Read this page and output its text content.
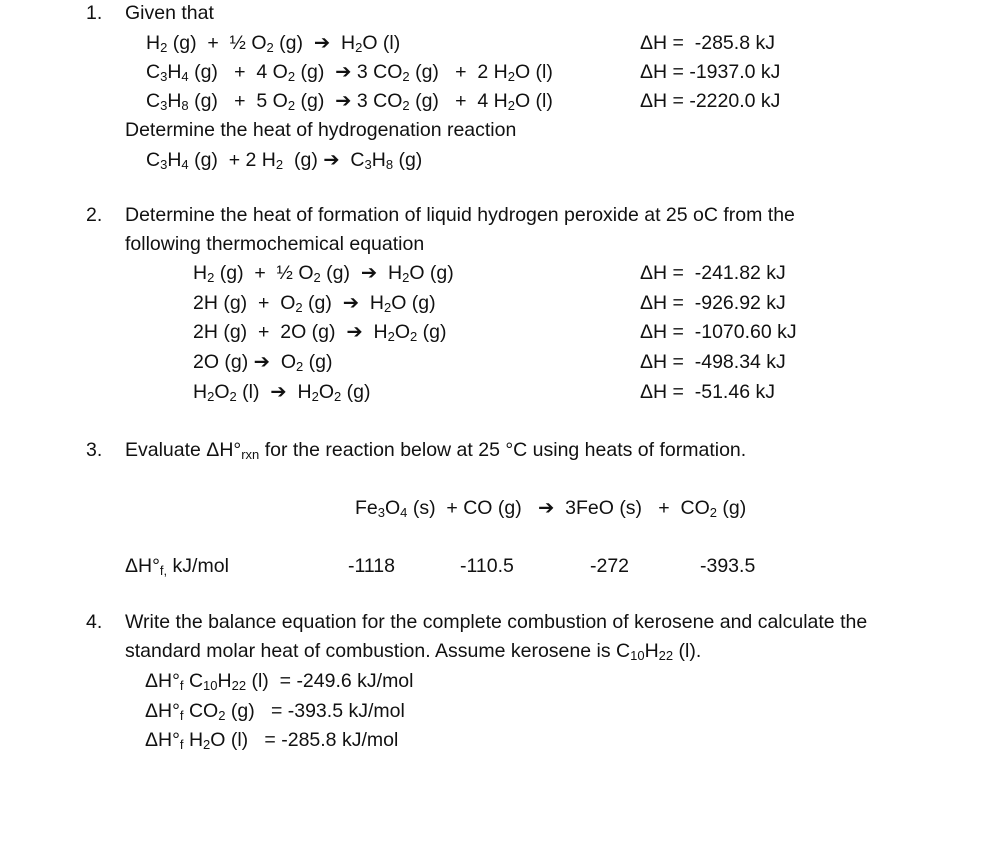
1. Given that
$H_2$ (g)  +  ½ $O_2$ (g)  ➔  $H_2O$ (l)	ΔH =  -285.8 kJ
$C_3H_4$ (g)   +  4 $O_2$ (g)  ➔ 3 $CO_2$ (g)   +  2 $H_2O$ (l)	ΔH = -1937.0 kJ
$C_3H_8$ (g)   +  5 $O_2$ (g)  ➔ 3 $CO_2$ (g)   +  4 $H_2O$ (l)	ΔH = -2220.0 kJ
Determine the heat of hydrogenation reaction
$C_3H_4$ (g)  + 2 $H_2$  (g) ➔  $C_3H_8$ (g)
2. Determine the heat of formation of liquid hydrogen peroxide at 25 oC from the
following thermochemical equation
$H_2$ (g)  +  ½ $O_2$ (g)  ➔  $H_2O$ (g)	ΔH =  -241.82 kJ
2H $(g) + O_2$ (g)  ➔  $H_2O$ (g)	ΔH =  -926.92 kJ
2H (g)  +  2O (g)  ➔  $H_2O_2$ (g)	ΔH =  -1070.60 kJ
2O (g) ➔  $O_2$ (g)	ΔH =  -498.34 kJ
$H_2O_2$ (l)  ➔  $H_2O_2$ (g)	ΔH =  -51.46 kJ
3. Evaluate $\Delta H^\circ_{rxn}$ for the reaction below at 25 °C using heats of formation.
$Fe_3O_4$ (s)  + CO (g)   ➔  3FeO $(s) + CO_2$ (g)
$\Delta H^\circ_{f,}$ kJ/mol	-1118	-110.5	-272	-393.5
4. Write the balance equation for the complete combustion of kerosene and calculate the
standard molar heat of combustion. Assume kerosene is $C_{10}H_{22}$ (l).
$\Delta H^\circ_f$ $C_{10}H_{22}$ (l)  = -249.6 kJ/mol
$\Delta H^\circ_f$ $CO_2$ (g)   = -393.5 kJ/mol
$\Delta H^\circ_f$ $H_2O$ (l)   = -285.8 kJ/mol
